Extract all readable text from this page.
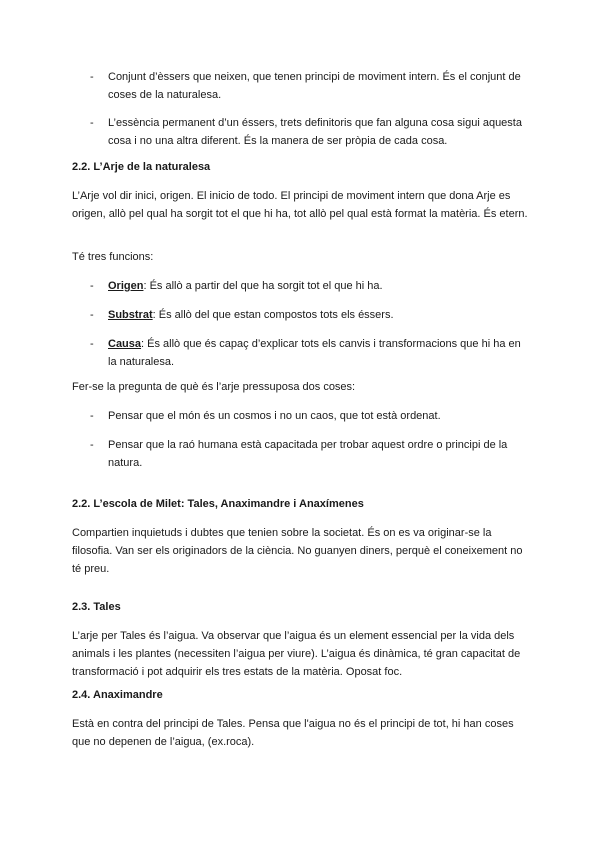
- Conjunt d’èssers que neixen, que tenen principi de moviment intern. És el conjunt de coses de la naturalesa.
- L’essència permanent d’un éssers, trets definitoris que fan alguna cosa sigui aquesta cosa i no una altra diferent. És la manera de ser pròpia de cada cosa.
2.2. L’Arje de la naturalesa

L’Arje vol dir inici, origen. El inicio de todo. El principi de moviment intern que dona Arje es origen, allò pel qual ha sorgit tot el que hi ha, tot allò pel qual està format la matèria. És etern.

Té tres funcions:

- Origen: És allò a partir del que ha sorgit tot el que hi ha.
- Substrat: És allò del que estan compostos tots els éssers.
- Causa: És allò que és capaç d’explicar tots els canvis i transformacions que hi ha en la naturalesa.

Fer-se la pregunta de què és l’arje pressuposa dos coses:

- Pensar que el món és un cosmos i no un caos, que tot està ordenat.
- Pensar que la raó humana està capacitada per trobar aquest ordre o principi de la natura.
2.2. L’escola de Milet: Tales, Anaximandre i Anaxímenes

Compartien inquietuds i dubtes que tenien sobre la societat. És on es va originar-se la filosofia. Van ser els originadors de la ciència. No guanyen diners, perquè el coneixement no té preu.

2.3. Tales

L’arje per Tales és l’aigua. Va observar que l’aigua és un element essencial per la vida dels animals i les plantes (necessiten l’aigua per viure). L’aigua és dinàmica, té gran capacitat de transformació i pot adquirir els tres estats de la matèria. Oposat foc.

2.4. Anaximandre

Està en contra del principi de Tales. Pensa que l'aigua no és el principi de tot, hi han coses que no depenen de l’aigua, (ex.roca).
